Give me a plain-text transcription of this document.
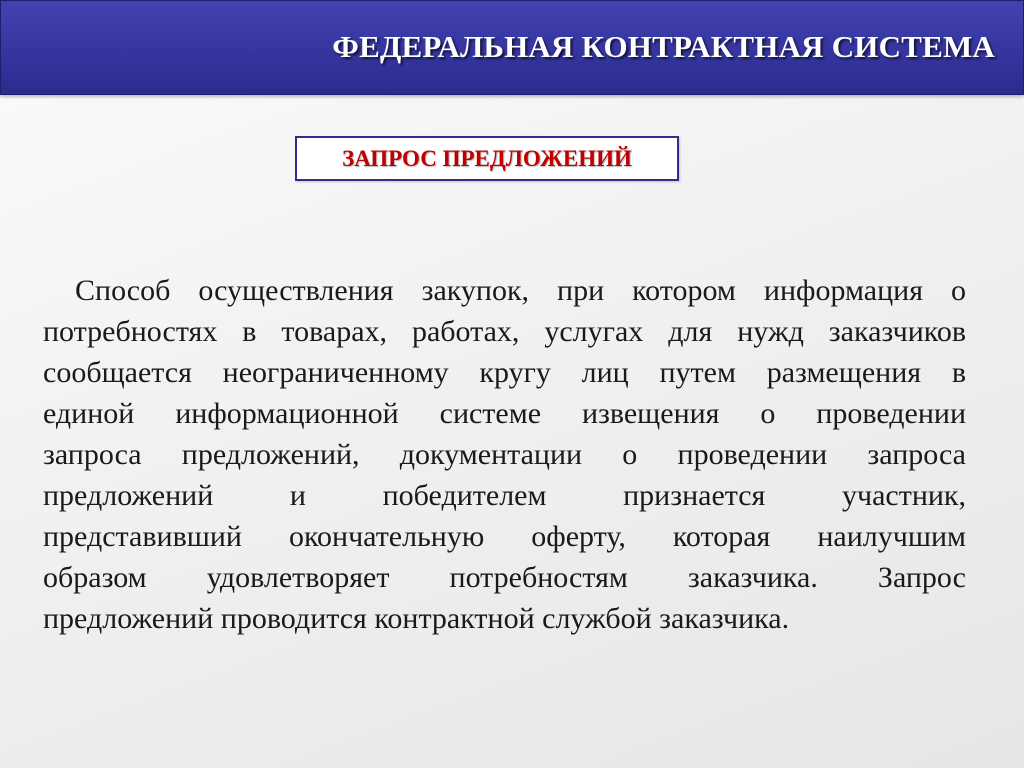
ФЕДЕРАЛЬНАЯ КОНТРАКТНАЯ СИСТЕМА
ЗАПРОС ПРЕДЛОЖЕНИЙ
Способ осуществления закупок, при котором информация о
потребностях в товарах, работах, услугах для нужд заказчиков
сообщается неограниченному кругу лиц путем размещения в
единой информационной системе извещения о проведении
запроса предложений, документации о проведении запроса
предложений и победителем признается участник,
представивший окончательную оферту, которая наилучшим
образом удовлетворяет потребностям заказчика. Запрос
предложений проводится контрактной службой заказчика.
